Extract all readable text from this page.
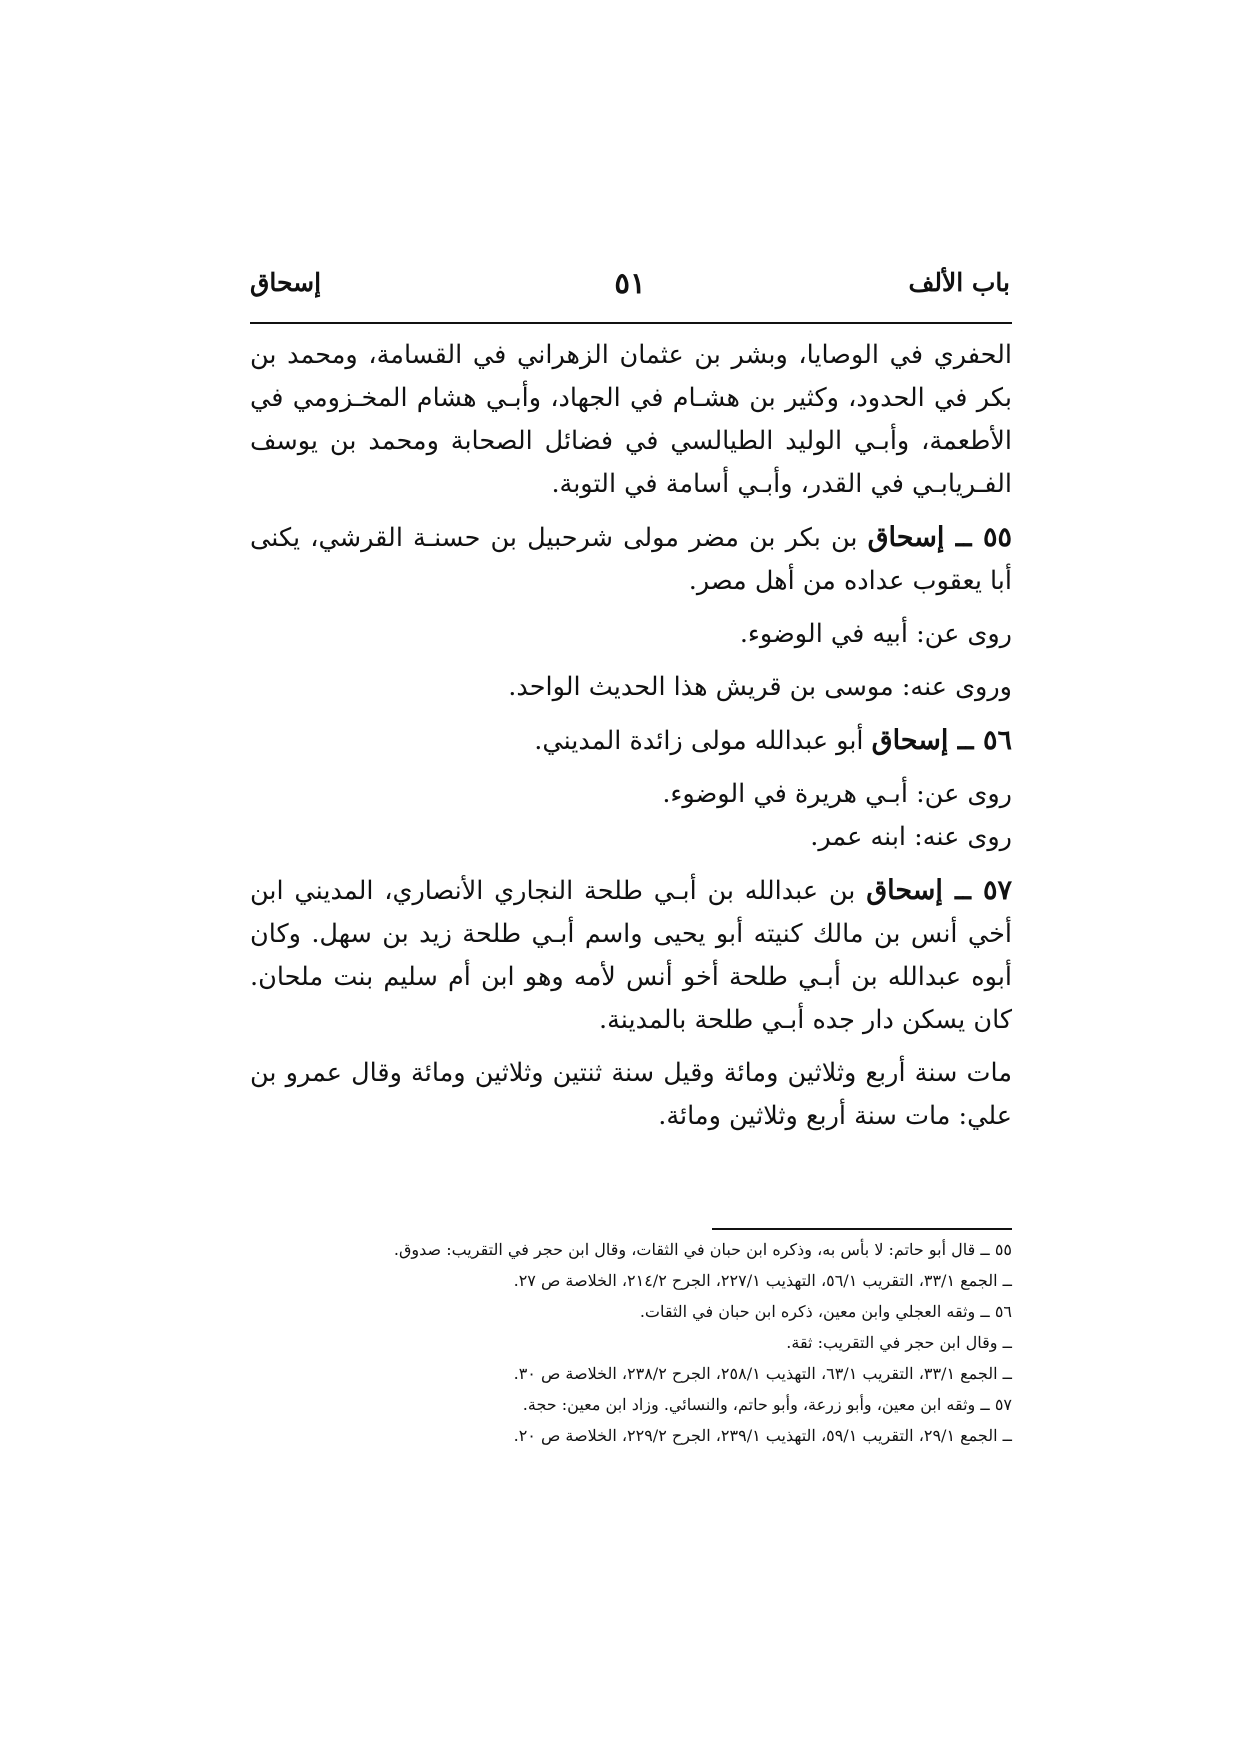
باب الألف
٥١
إسحاق

الحفري في الوصايا، وبشر بن عثمان الزهراني في القسامة، ومحمد بن بكر في الحدود، وكثير بن هشـام في الجهاد، وأبـي هشام المخـزومي في الأطعمة، وأبـي الوليد الطيالسي في فضائل الصحابة ومحمد بن يوسف الفـريابـي في القدر، وأبـي أسامة في التوبة.

٥٥ ــ إسحاق بن بكر بن مضر مولى شرحبيل بن حسنـة القرشي، يكنى أبا يعقوب عداده من أهل مصر.

روى عن: أبيه في الوضوء.

وروى عنه: موسى بن قريش هذا الحديث الواحد.

٥٦ ــ إسحاق أبو عبدالله مولى زائدة المديني.

روى عن: أبـي هريرة في الوضوء.

روى عنه: ابنه عمر.

٥٧ ــ إسحاق بن عبدالله بن أبـي طلحة النجاري الأنصاري، المديني ابن أخي أنس بن مالك كنيته أبو يحيى واسم أبـي طلحة زيد بن سهل. وكان أبوه عبدالله بن أبـي طلحة أخو أنس لأمه وهو ابن أم سليم بنت ملحان. كان يسكن دار جده أبـي طلحة بالمدينة.

مات سنة أربع وثلاثين ومائة وقيل سنة ثنتين وثلاثين ومائة وقال عمرو بن علي: مات سنة أربع وثلاثين ومائة.

٥٥ ــ قال أبو حاتم: لا بأس به، وذكره ابن حبان في الثقات، وقال ابن حجر في التقريب: صدوق.
ــ الجمع ٣٣/١، التقريب ٥٦/١، التهذيب ٢٢٧/١، الجرح ٢١٤/٢، الخلاصة ص ٢٧.
٥٦ ــ وثقه العجلي وابن معين، ذكره ابن حبان في الثقات.
ــ وقال ابن حجر في التقريب: ثقة.
ــ الجمع ٣٣/١، التقريب ٦٣/١، التهذيب ٢٥٨/١، الجرح ٢٣٨/٢، الخلاصة ص ٣٠.
٥٧ ــ وثقه ابن معين، وأبو زرعة، وأبو حاتم، والنسائي. وزاد ابن معين: حجة.
ــ الجمع ٢٩/١، التقريب ٥٩/١، التهذيب ٢٣٩/١، الجرح ٢٢٩/٢، الخلاصة ص ٢٠.
